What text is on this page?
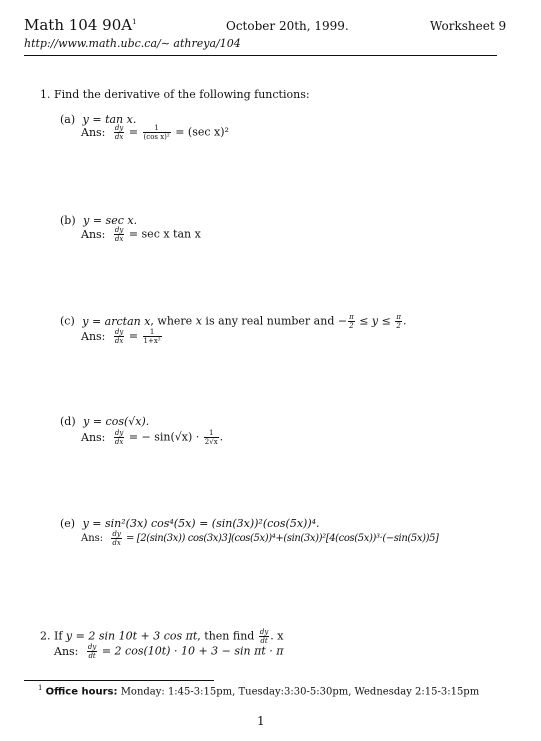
Math 104 $90A^1$	October 20th, 1999.	Worksheet 9
http://www.math.ubc.ca/∼ athreya/104
1. Find the derivative of the following functions:
(a) y = tan x.
Ans: $\frac{dy}{dx} = \frac{1}{\text{(cos x)²}} = (\sec$ x)²
(b) y = sec x.
Ans: $\frac{dy}{dx} = \sec x$ tan x
(c) y = arctan x, where x is any real number and − $\frac{\pi}{2} \le y \le \frac{\pi}{2}$ .
Ans: $\frac{dy}{dx} = \frac{1}{\text{1+x²}}$
(d) y = cos(√x).
Ans: $\frac{dy}{dx}$ = − $\sin(√x) \cdot \frac{1}{2√x}$ .
(e) y = sin²(3x) cos⁴(5x) = (sin(3x))²(cos(5x))⁴.
Ans: $\frac{dy}{dx} = [2(\sin(3x))$ cos(3x)3](cos(5x))⁴+(sin(3x))²[4(cos(5x))³·(−sin(5x))5]
2. If y = 2 sin 10t + 3 cos πt, then find $\frac{dy}{dt}$ . x
Ans: $\frac{dy}{dt} = 2$ cos(10t) · 10 + 3 − sin πt · π
$^1$ Office hours: Monday: 1:45-3:15pm, Tuesday:3:30-5:30pm, Wednesday 2:15-3:15pm
1
